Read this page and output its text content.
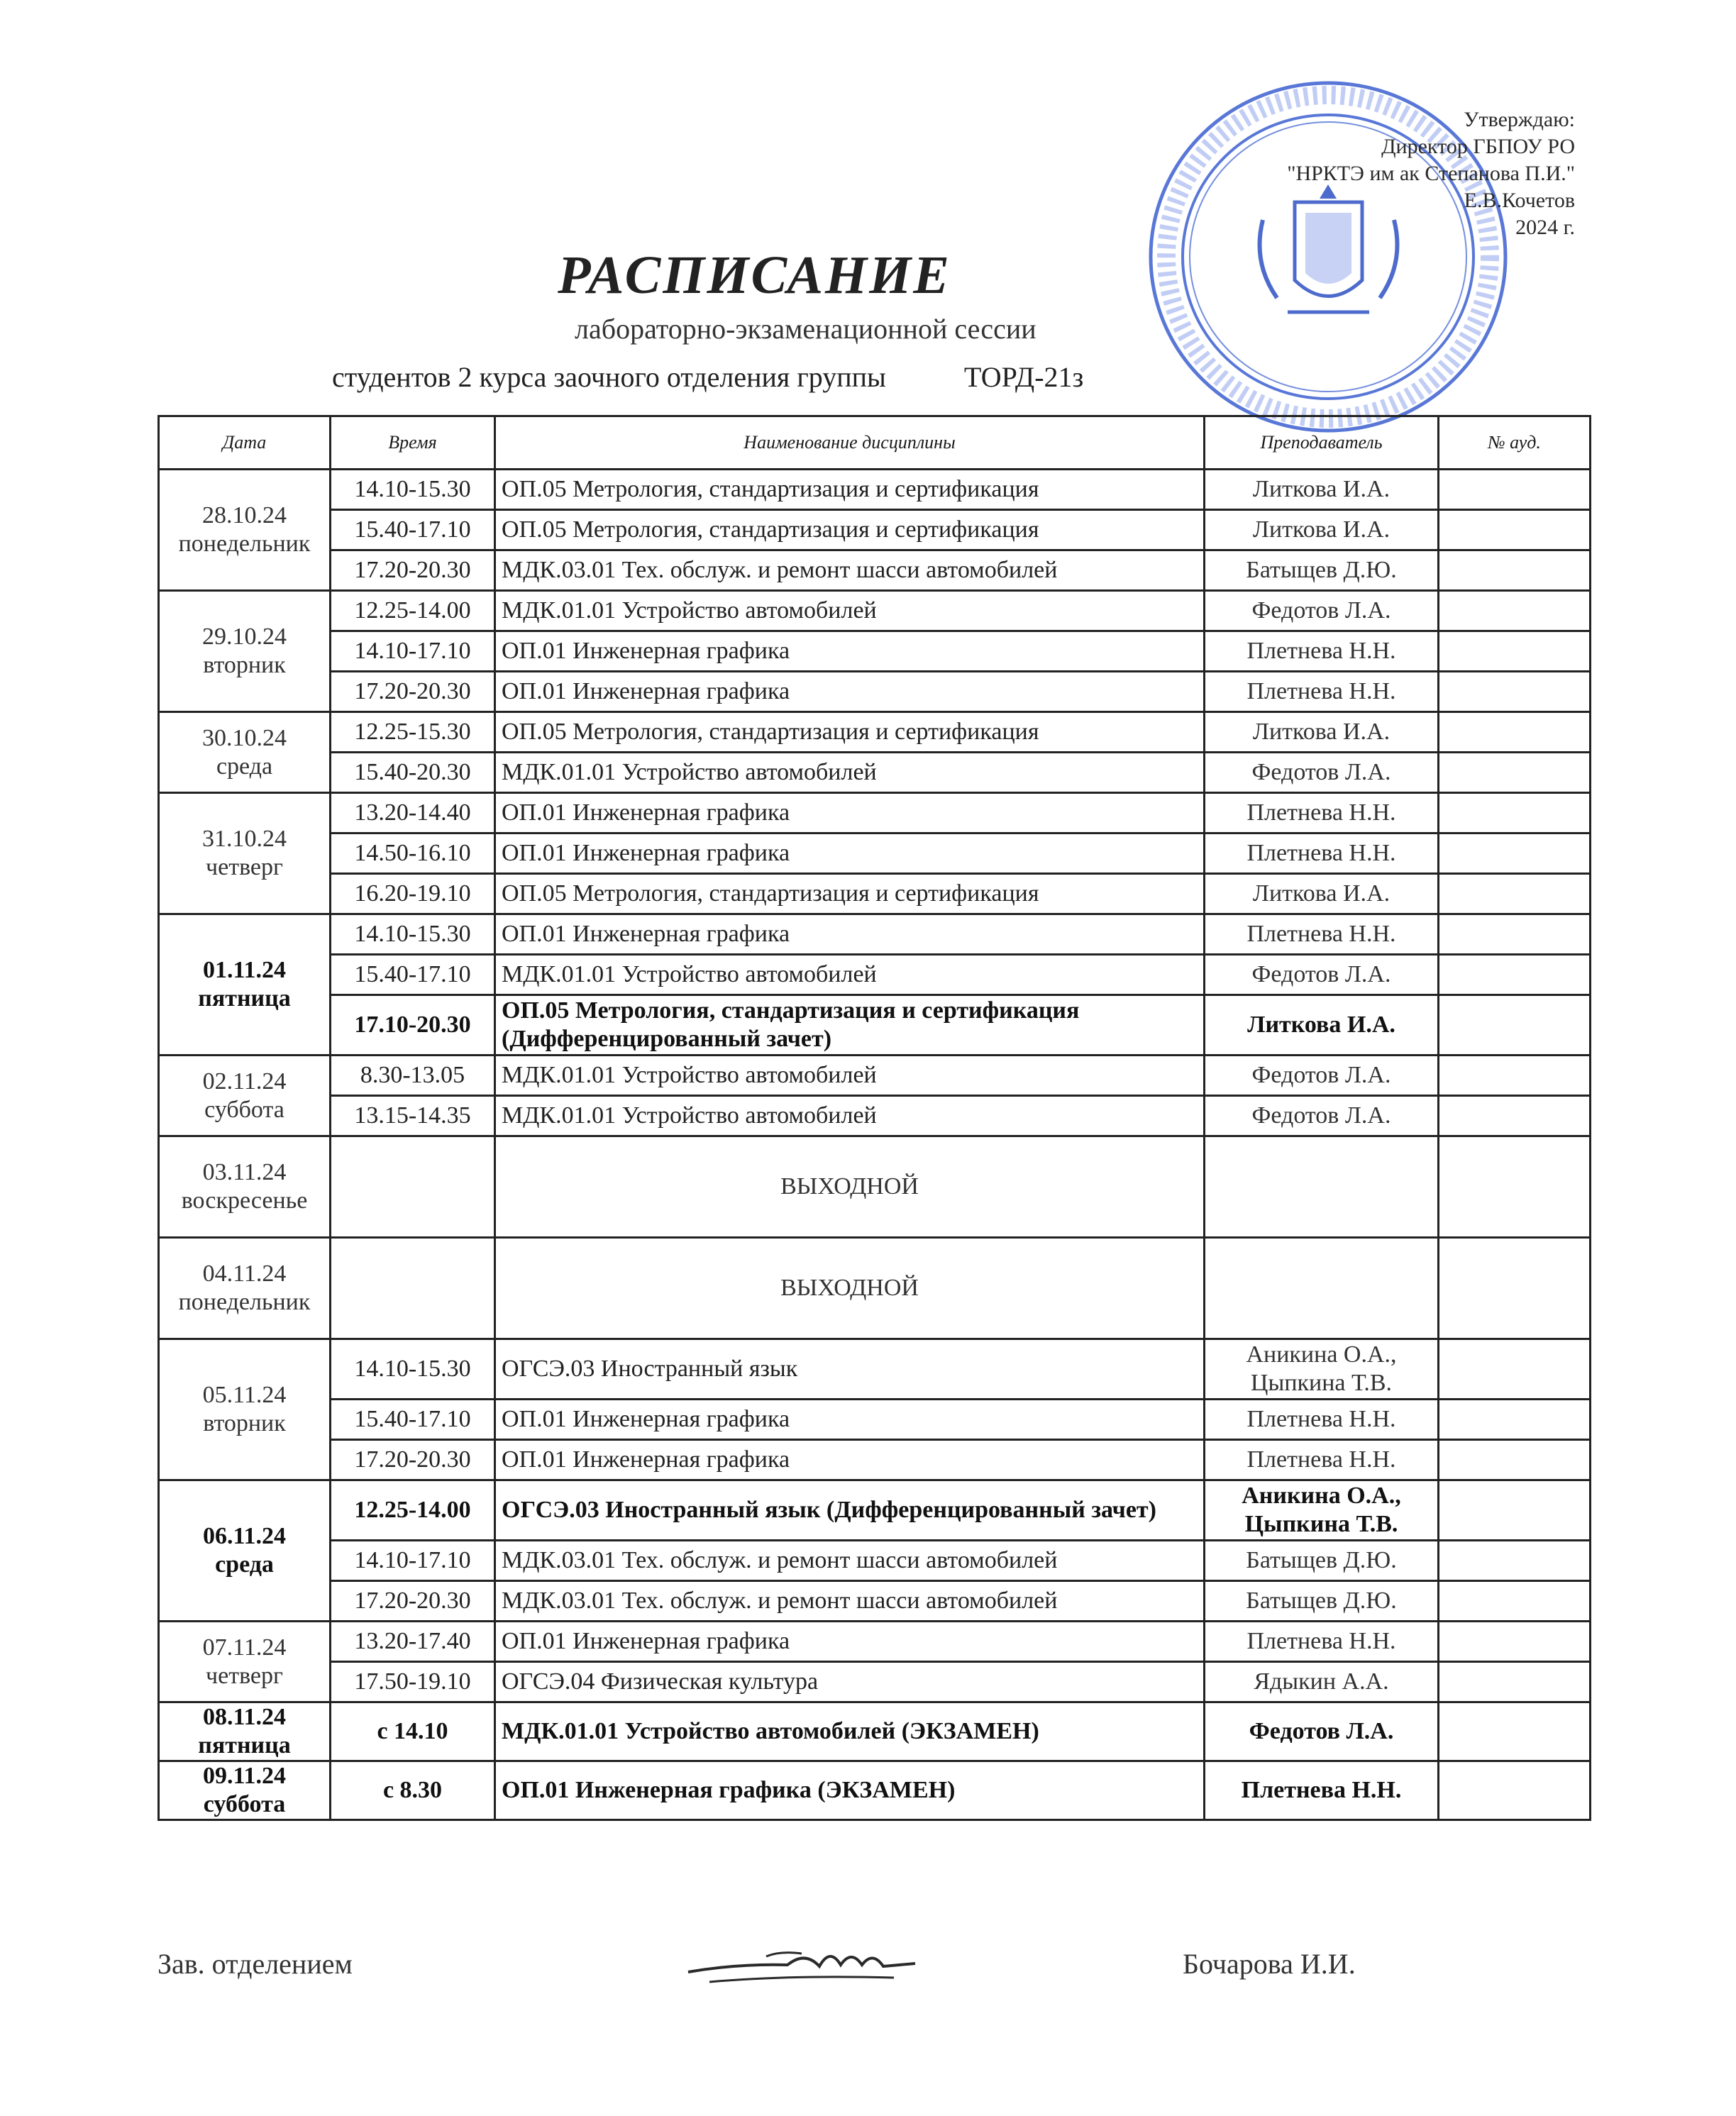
Утверждаю:
Директор ГБПОУ РО
"НРКТЭ им ак Степанова П.И."
Е.В.Кочетов
2024 г.
РАСПИСАНИЕ
лабораторно-экзаменационной сессии
студентов 2 курса заочного отделения группы	ТОРД-21з
Дата	Время	Наименование дисциплины	Преподаватель	№ ауд.

28.10.24
понедельник	14.10-15.30	ОП.05 Метрология, стандартизация и сертификация	Литкова И.А.	
	15.40-17.10	ОП.05 Метрология, стандартизация и сертификация	Литкова И.А.	
	17.20-20.30	МДК.03.01 Тех. обслуж. и ремонт шасси автомобилей	Батыщев Д.Ю.	

29.10.24
вторник	12.25-14.00	МДК.01.01 Устройство автомобилей	Федотов Л.А.	
	14.10-17.10	ОП.01 Инженерная графика	Плетнева Н.Н.	
	17.20-20.30	ОП.01 Инженерная графика	Плетнева Н.Н.	

30.10.24
среда	12.25-15.30	ОП.05 Метрология, стандартизация и сертификация	Литкова И.А.	
	15.40-20.30	МДК.01.01 Устройство автомобилей	Федотов Л.А.	

31.10.24
четверг	13.20-14.40	ОП.01 Инженерная графика	Плетнева Н.Н.	
	14.50-16.10	ОП.01 Инженерная графика	Плетнева Н.Н.	
	16.20-19.10	ОП.05 Метрология, стандартизация и сертификация	Литкова И.А.	

01.11.24
пятница	14.10-15.30	ОП.01 Инженерная графика	Плетнева Н.Н.	
	15.40-17.10	МДК.01.01 Устройство автомобилей	Федотов Л.А.	
	17.10-20.30	ОП.05 Метрология, стандартизация и сертификация (Дифференцированный зачет)	Литкова И.А.	

02.11.24
суббота	8.30-13.05	МДК.01.01 Устройство автомобилей	Федотов Л.А.	
	13.15-14.35	МДК.01.01 Устройство автомобилей	Федотов Л.А.	

03.11.24
воскресенье		ВЫХОДНОЙ		

04.11.24
понедельник		ВЫХОДНОЙ		

05.11.24
вторник	14.10-15.30	ОГСЭ.03 Иностранный язык	Аникина О.А., Цыпкина Т.В.	
	15.40-17.10	ОП.01 Инженерная графика	Плетнева Н.Н.	
	17.20-20.30	ОП.01 Инженерная графика	Плетнева Н.Н.	

06.11.24
среда	12.25-14.00	ОГСЭ.03 Иностранный язык (Дифференцированный зачет)	Аникина О.А., Цыпкина Т.В.	
	14.10-17.10	МДК.03.01 Тех. обслуж. и ремонт шасси автомобилей	Батыщев Д.Ю.	
	17.20-20.30	МДК.03.01 Тех. обслуж. и ремонт шасси автомобилей	Батыщев Д.Ю.	

07.11.24
четверг	13.20-17.40	ОП.01 Инженерная графика	Плетнева Н.Н.	
	17.50-19.10	ОГСЭ.04 Физическая культура	Ядыкин А.А.	

08.11.24
пятница	с 14.10	МДК.01.01 Устройство автомобилей (ЭКЗАМЕН)	Федотов Л.А.	

09.11.24
суббота	с 8.30	ОП.01 Инженерная графика (ЭКЗАМЕН)	Плетнева Н.Н.	
Зав. отделением	Бочарова И.И.
